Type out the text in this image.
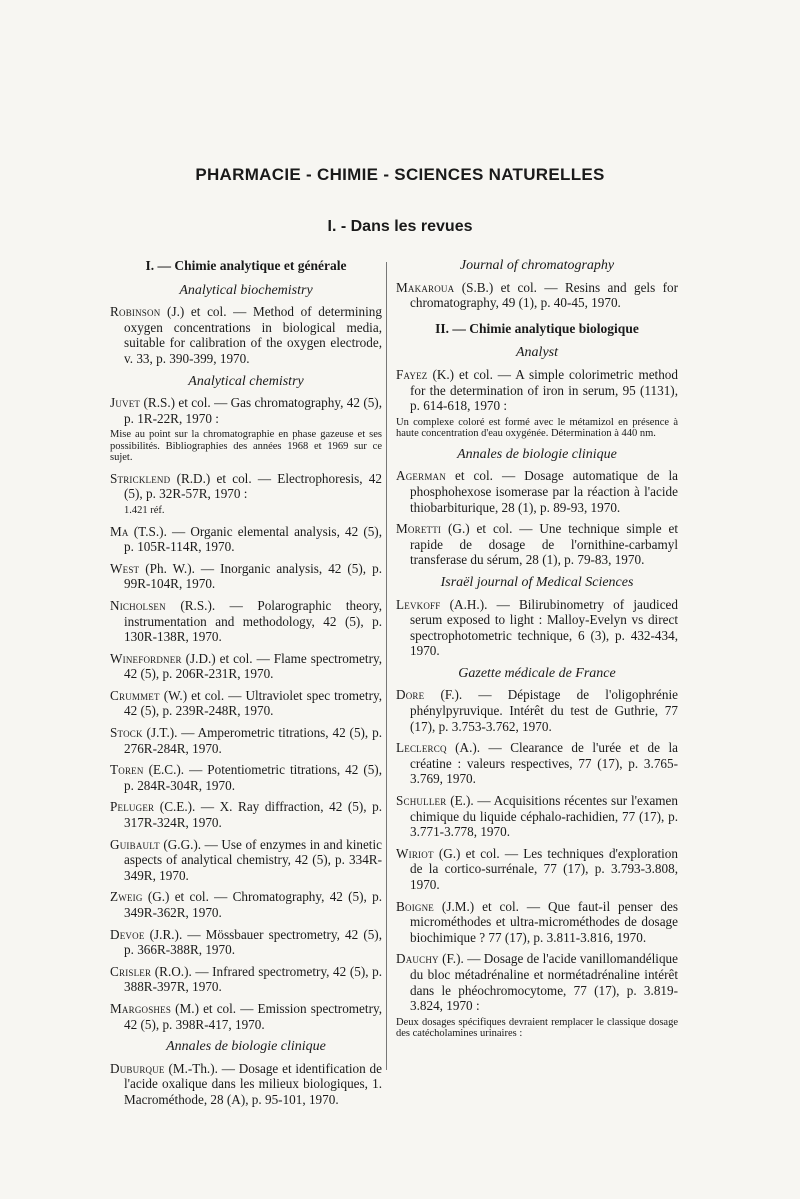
PHARMACIE - CHIMIE - SCIENCES NATURELLES
I. - Dans les revues

I. — Chimie analytique et générale

Analytical biochemistry

Robinson (J.) et col. — Method of determining oxygen concentrations in biological media, suitable for calibration of the oxygen electrode, v. 33, p. 390-399, 1970.

Analytical chemistry

Juvet (R.S.) et col. — Gas chromatography, 42 (5), p. 1R-22R, 1970 :

Mise au point sur la chromatographie en phase gazeuse et ses possibilités. Bibliographies des années 1968 et 1969 sur ce sujet.

Stricklend (R.D.) et col. — Electrophoresis, 42 (5), p. 32R-57R, 1970 :

1.421 réf.

Ma (T.S.). — Organic elemental analysis, 42 (5), p. 105R-114R, 1970.

West (Ph. W.). — Inorganic analysis, 42 (5), p. 99R-104R, 1970.

Nicholsen (R.S.). — Polarographic theory, instrumentation and methodology, 42 (5), p. 130R-138R, 1970.

Winefordner (J.D.) et col. — Flame spectrometry, 42 (5), p. 206R-231R, 1970.

Crummet (W.) et col. — Ultraviolet spec trometry, 42 (5), p. 239R-248R, 1970.

Stock (J.T.). — Amperometric titrations, 42 (5), p. 276R-284R, 1970.

Toren (E.C.). — Potentiometric titrations, 42 (5), p. 284R-304R, 1970.

Peluger (C.E.). — X. Ray diffraction, 42 (5), p. 317R-324R, 1970.

Guibault (G.G.). — Use of enzymes in and kinetic aspects of analytical chemistry, 42 (5), p. 334R-349R, 1970.

Zweig (G.) et col. — Chromatography, 42 (5), p. 349R-362R, 1970.

Devoe (J.R.). — Mössbauer spectrometry, 42 (5), p. 366R-388R, 1970.

Crisler (R.O.). — Infrared spectrometry, 42 (5), p. 388R-397R, 1970.

Margoshes (M.) et col. — Emission spectrometry, 42 (5), p. 398R-417, 1970.

Annales de biologie clinique

Duburque (M.-Th.). — Dosage et identification de l'acide oxalique dans les milieux biologiques, 1. Macrométhode, 28 (A), p. 95-101, 1970.

Journal of chromatography

Makaroua (S.B.) et col. — Resins and gels for chromatography, 49 (1), p. 40-45, 1970.

II. — Chimie analytique biologique

Analyst

Fayez (K.) et col. — A simple colorimetric method for the determination of iron in serum, 95 (1131), p. 614-618, 1970 :

Un complexe coloré est formé avec le métamizol en présence à haute concentration d'eau oxygénée. Détermination à 440 nm.

Annales de biologie clinique

Agerman et col. — Dosage automatique de la phosphohexose isomerase par la réaction à l'acide thiobarbiturique, 28 (1), p. 89-93, 1970.

Moretti (G.) et col. — Une technique simple et rapide de dosage de l'ornithine-carbamyl transferase du sérum, 28 (1), p. 79-83, 1970.

Israël journal of Medical Sciences

Levkoff (A.H.). — Bilirubinometry of jaudiced serum exposed to light : Malloy-Evelyn vs direct spectrophotometric technique, 6 (3), p. 432-434, 1970.

Gazette médicale de France

Dore (F.). — Dépistage de l'oligophrénie phénylpyruvique. Intérêt du test de Guthrie, 77 (17), p. 3.753-3.762, 1970.

Leclercq (A.). — Clearance de l'urée et de la créatine : valeurs respectives, 77 (17), p. 3.765-3.769, 1970.

Schuller (E.). — Acquisitions récentes sur l'examen chimique du liquide céphalo-rachidien, 77 (17), p. 3.771-3.778, 1970.

Wiriot (G.) et col. — Les techniques d'exploration de la cortico-surrénale, 77 (17), p. 3.793-3.808, 1970.

Boigne (J.M.) et col. — Que faut-il penser des microméthodes et ultra-microméthodes de dosage biochimique ? 77 (17), p. 3.811-3.816, 1970.

Dauchy (F.). — Dosage de l'acide vanillomandélique du bloc métadrénaline et normétadrénaline intérêt dans le phéochromocytome, 77 (17), p. 3.819-3.824, 1970 :

Deux dosages spécifiques devraient remplacer le classique dosage des catécholamines urinaires :
